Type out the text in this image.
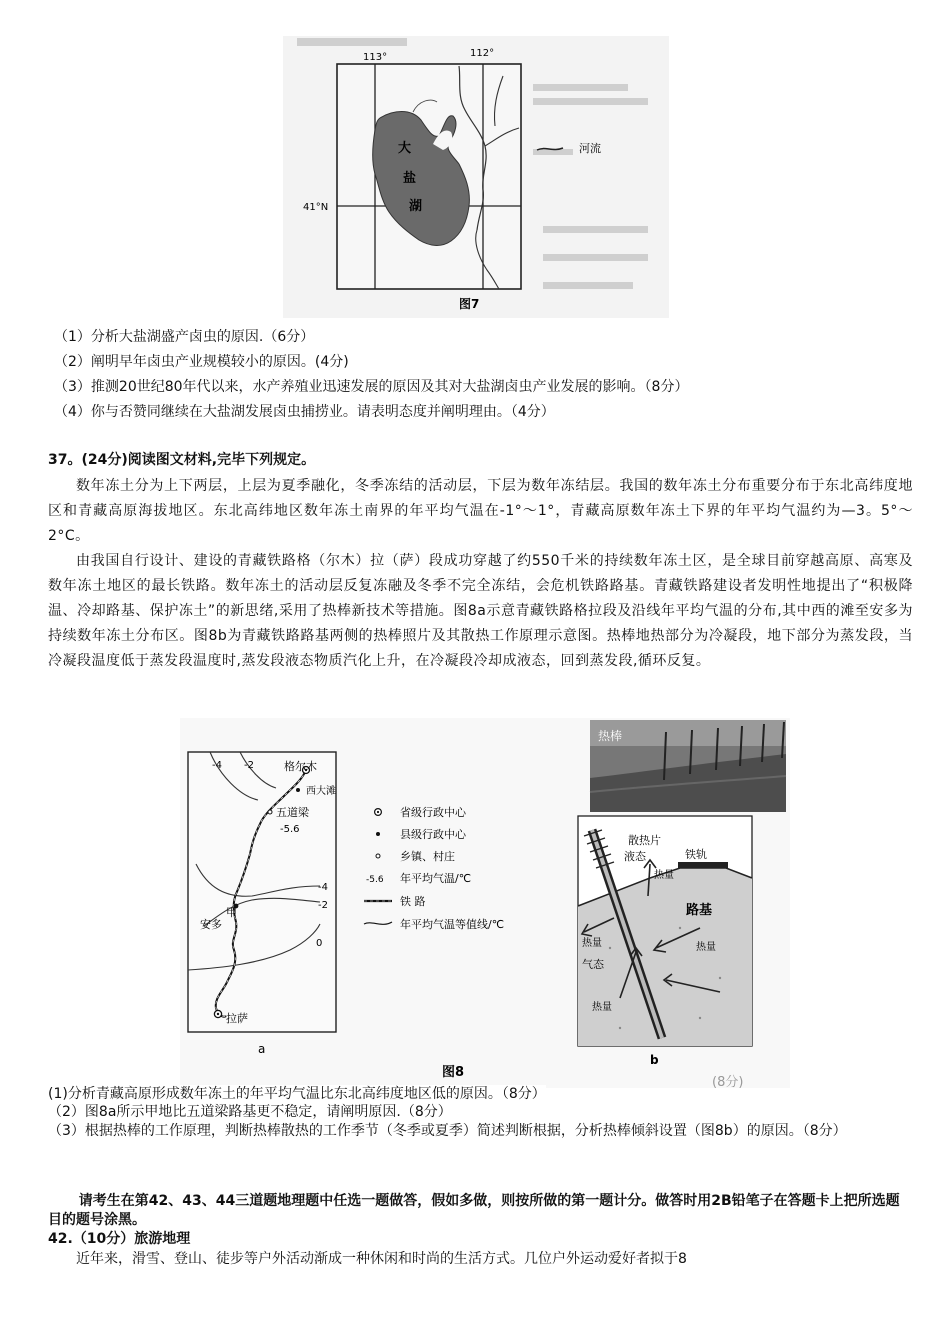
113°	112°
41°N
大
盐
湖
河流
图7
（1）分析大盐湖盛产卤虫的原因.（6分）
（2）阐明早年卤虫产业规模较小的原因。(4分)
（3）推测20世纪80年代以来，水产养殖业迅速发展的原因及其对大盐湖卤虫产业发展的影响。（8分）
（4）你与否赞同继续在大盐湖发展卤虫捕捞业。请表明态度并阐明理由。（4分）
37。(24分)阅读图文材料,完毕下列规定。

数年冻土分为上下两层，上层为夏季融化，冬季冻结的活动层，下层为数年冻结层。我国的数年冻土分布重要分布于东北高纬度地区和青藏高原海拔地区。东北高纬地区数年冻土南界的年平均气温在-1°～1°，青藏高原数年冻土下界的年平均气温约为—3。5°～2°C。

由我国自行设计、建设的青藏铁路格（尔木）拉（萨）段成功穿越了约550千米的持续数年冻土区，是全球目前穿越高原、高寒及数年冻土地区的最长铁路。数年冻土的活动层反复冻融及冬季不完全冻结，会危机铁路路基。青藏铁路建设者发明性地提出了“积极降温、冷却路基、保护冻土”的新思绪,采用了热棒新技术等措施。图8a示意青藏铁路格拉段及沿线年平均气温的分布,其中西的滩至安多为持续数年冻土分布区。图8b为青藏铁路路基两侧的热棒照片及其散热工作原理示意图。热棒地热部分为冷凝段，地下部分为蒸发段，当冷凝段温度低于蒸发段温度时,蒸发段液态物质汽化上升，在冷凝段冷却成液态，回到蒸发段,循环反复。

格尔木
西大滩
五道梁
-5.6
甲
安多
拉萨
-4 -2
-4
-2
0
a
省级行政中心
县级行政中心
乡镇、村庄
-5.6 年平均气温/℃
铁 路
年平均气温等值线/℃
热棒
散热片
液态	铁轨
路基
气态
热量
热量	热量
热量
b
图8
(8分)
(1)分析青藏高原形成数年冻土的年平均气温比东北高纬度地区低的原因。（8分）
（2）图8a所示甲地比五道梁路基更不稳定，请阐明原因.（8分）
（3）根据热棒的工作原理，判断热棒散热的工作季节（冬季或夏季）简述判断根据，分析热棒倾斜设置（图8b）的原因。（8分）
请考生在第42、43、44三道题地理题中任选一题做答，假如多做，则按所做的第一题计分。做答时用2B铅笔子在答题卡上把所选题目的题号涂黑。
42.（10分）旅游地理
近年来，滑雪、登山、徒步等户外活动渐成一种休闲和时尚的生活方式。几位户外运动爱好者拟于8
